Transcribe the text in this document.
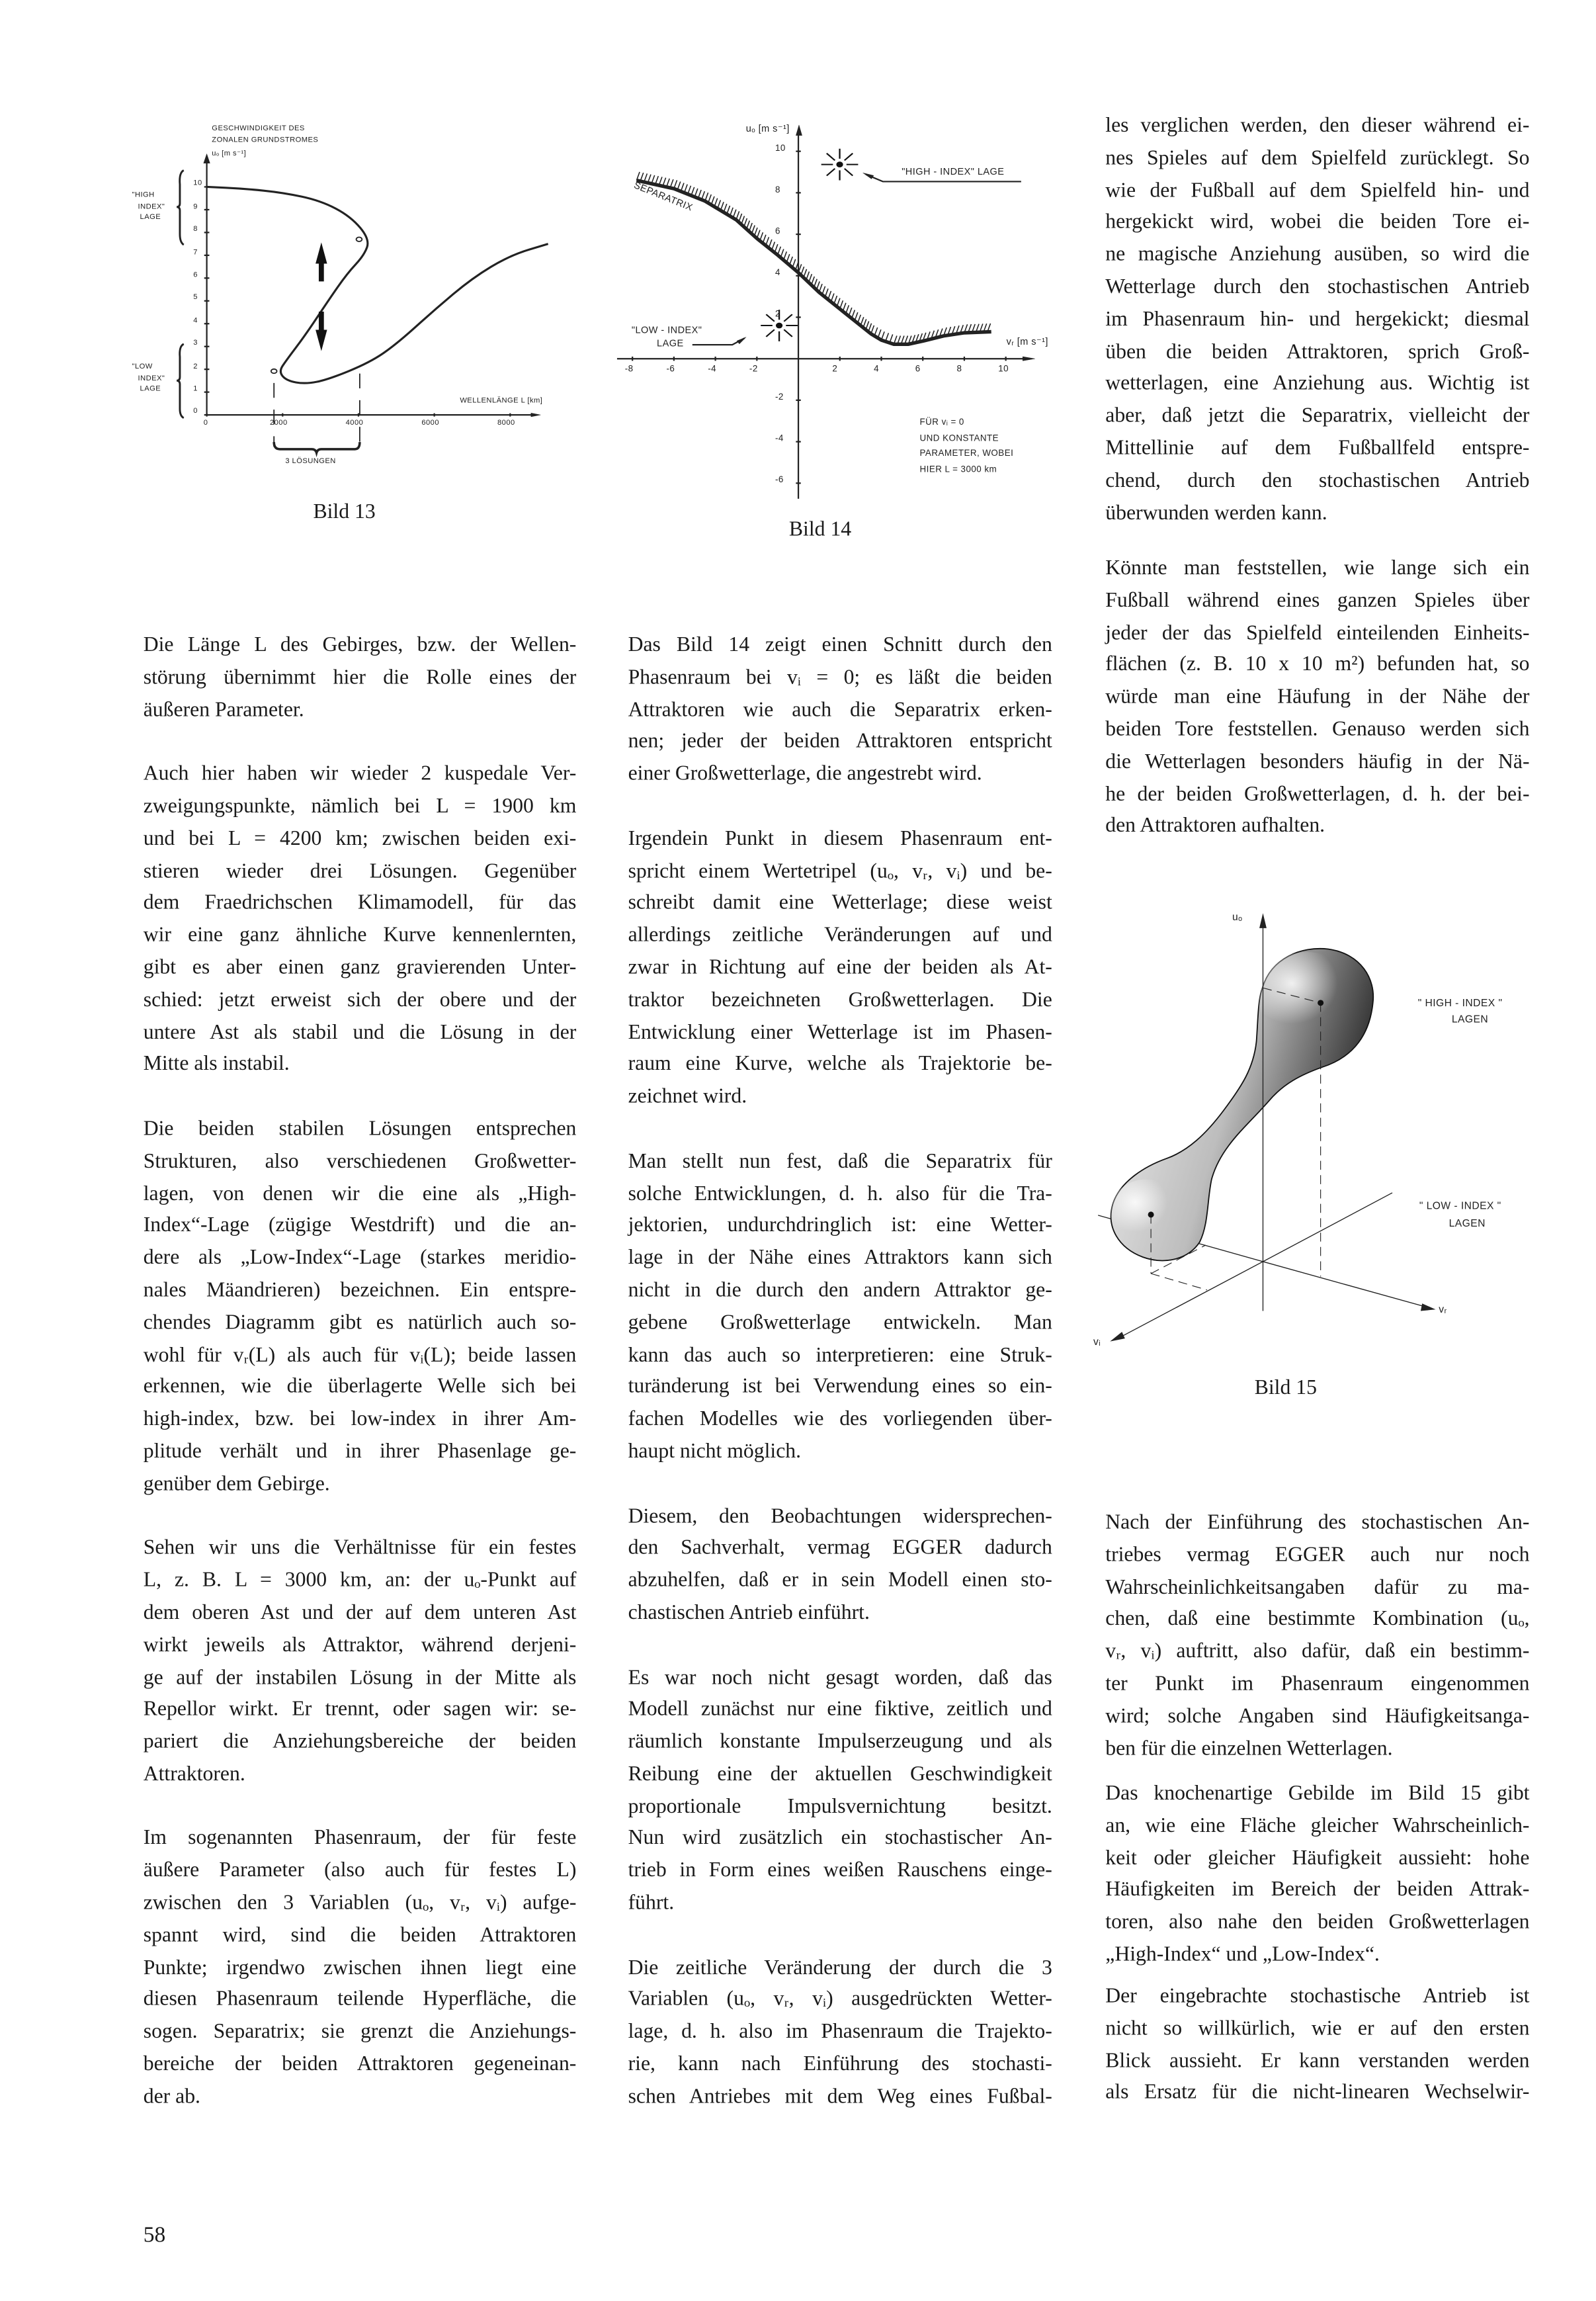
GESCHWINDIGKEIT DES
ZONALEN GRUNDSTROMES
uₒ [m s⁻¹]
"HIGH
INDEX"
LAGE
"LOW
INDEX"
LAGE
WELLENLÄNGE L [km]
3 LÖSUNGEN
0
1
2
3
4
5
6
7
8
9
10
0	2000	4000	6000	8000
Bild 13
uₒ [m s⁻¹]
vᵣ [m s⁻¹]
"HIGH - INDEX" LAGE
"LOW - INDEX"
LAGE
SEPARATRIX
FÜR vᵢ = 0
UND KONSTANTE
PARAMETER, WOBEI
HIER L = 3000 km
-8	-6	-4	-2	2	4	6	8	10
10
8
6
4
2
-2
-4
-6
Bild 14
uₒ
" HIGH - INDEX "
LAGEN
" LOW - INDEX "
LAGEN
vᵣ
vᵢ
Bild 15
Die Länge L des Gebirges, bzw. der Wellen-
störung übernimmt hier die Rolle eines der
äußeren Parameter.
Auch hier haben wir wieder 2 kuspedale Ver-
zweigungspunkte, nämlich bei L = 1900 km
und bei L = 4200 km; zwischen beiden exi-
stieren wieder drei Lösungen. Gegenüber
dem Fraedrichschen Klimamodell, für das
wir eine ganz ähnliche Kurve kennenlernten,
gibt es aber einen ganz gravierenden Unter-
schied: jetzt erweist sich der obere und der
untere Ast als stabil und die Lösung in der
Mitte als instabil.
Die beiden stabilen Lösungen entsprechen
Strukturen, also verschiedenen Großwetter-
lagen, von denen wir die eine als „High-
Index“-Lage (zügige Westdrift) und die an-
dere als „Low-Index“-Lage (starkes meridio-
nales Mäandrieren) bezeichnen. Ein entspre-
chendes Diagramm gibt es natürlich auch so-
wohl für vᵣ(L) als auch für vᵢ(L); beide lassen
erkennen, wie die überlagerte Welle sich bei
high-index, bzw. bei low-index in ihrer Am-
plitude verhält und in ihrer Phasenlage ge-
genüber dem Gebirge.
Sehen wir uns die Verhältnisse für ein festes
L, z. B. L = 3000 km, an: der uₒ-Punkt auf
dem oberen Ast und der auf dem unteren Ast
wirkt jeweils als Attraktor, während derjeni-
ge auf der instabilen Lösung in der Mitte als
Repellor wirkt. Er trennt, oder sagen wir: se-
pariert die Anziehungsbereiche der beiden
Attraktoren.
Im sogenannten Phasenraum, der für feste
äußere Parameter (also auch für festes L)
zwischen den 3 Variablen (uₒ, vᵣ, vᵢ) aufge-
spannt wird, sind die beiden Attraktoren
Punkte; irgendwo zwischen ihnen liegt eine
diesen Phasenraum teilende Hyperfläche, die
sogen. Separatrix; sie grenzt die Anziehungs-
bereiche der beiden Attraktoren gegeneinan-
der ab.
Das Bild 14 zeigt einen Schnitt durch den
Phasenraum bei vᵢ = 0; es läßt die beiden
Attraktoren wie auch die Separatrix erken-
nen; jeder der beiden Attraktoren entspricht
einer Großwetterlage, die angestrebt wird.
Irgendein Punkt in diesem Phasenraum ent-
spricht einem Wertetripel (uₒ, vᵣ, vᵢ) und be-
schreibt damit eine Wetterlage; diese weist
allerdings zeitliche Veränderungen auf und
zwar in Richtung auf eine der beiden als At-
traktor bezeichneten Großwetterlagen. Die
Entwicklung einer Wetterlage ist im Phasen-
raum eine Kurve, welche als Trajektorie be-
zeichnet wird.
Man stellt nun fest, daß die Separatrix für
solche Entwicklungen, d. h. also für die Tra-
jektorien, undurchdringlich ist: eine Wetter-
lage in der Nähe eines Attraktors kann sich
nicht in die durch den andern Attraktor ge-
gebene Großwetterlage entwickeln. Man
kann das auch so interpretieren: eine Struk-
turänderung ist bei Verwendung eines so ein-
fachen Modelles wie des vorliegenden über-
haupt nicht möglich.
Diesem, den Beobachtungen widersprechen-
den Sachverhalt, vermag EGGER dadurch
abzuhelfen, daß er in sein Modell einen sto-
chastischen Antrieb einführt.
Es war noch nicht gesagt worden, daß das
Modell zunächst nur eine fiktive, zeitlich und
räumlich konstante Impulserzeugung und als
Reibung eine der aktuellen Geschwindigkeit
proportionale Impulsvernichtung besitzt.
Nun wird zusätzlich ein stochastischer An-
trieb in Form eines weißen Rauschens einge-
führt.
Die zeitliche Veränderung der durch die 3
Variablen (uₒ, vᵣ, vᵢ) ausgedrückten Wetter-
lage, d. h. also im Phasenraum die Trajekto-
rie, kann nach Einführung des stochasti-
schen Antriebes mit dem Weg eines Fußbal-
les verglichen werden, den dieser während ei-
nes Spieles auf dem Spielfeld zurücklegt. So
wie der Fußball auf dem Spielfeld hin- und
hergekickt wird, wobei die beiden Tore ei-
ne magische Anziehung ausüben, so wird die
Wetterlage durch den stochastischen Antrieb
im Phasenraum hin- und hergekickt; diesmal
üben die beiden Attraktoren, sprich Groß-
wetterlagen, eine Anziehung aus. Wichtig ist
aber, daß jetzt die Separatrix, vielleicht der
Mittellinie auf dem Fußballfeld entspre-
chend, durch den stochastischen Antrieb
überwunden werden kann.
Könnte man feststellen, wie lange sich ein
Fußball während eines ganzen Spieles über
jeder der das Spielfeld einteilenden Einheits-
flächen (z. B. 10 x 10 m²) befunden hat, so
würde man eine Häufung in der Nähe der
beiden Tore feststellen. Genauso werden sich
die Wetterlagen besonders häufig in der Nä-
he der beiden Großwetterlagen, d. h. der bei-
den Attraktoren aufhalten.
Nach der Einführung des stochastischen An-
triebes vermag EGGER auch nur noch
Wahrscheinlichkeitsangaben dafür zu ma-
chen, daß eine bestimmte Kombination (uₒ,
vᵣ, vᵢ) auftritt, also dafür, daß ein bestimm-
ter Punkt im Phasenraum eingenommen
wird; solche Angaben sind Häufigkeitsanga-
ben für die einzelnen Wetterlagen.
Das knochenartige Gebilde im Bild 15 gibt
an, wie eine Fläche gleicher Wahrscheinlich-
keit oder gleicher Häufigkeit aussieht: hohe
Häufigkeiten im Bereich der beiden Attrak-
toren, also nahe den beiden Großwetterlagen
„High-Index“ und „Low-Index“.
Der eingebrachte stochastische Antrieb ist
nicht so willkürlich, wie er auf den ersten
Blick aussieht. Er kann verstanden werden
als Ersatz für die nicht-linearen Wechselwir-
58
